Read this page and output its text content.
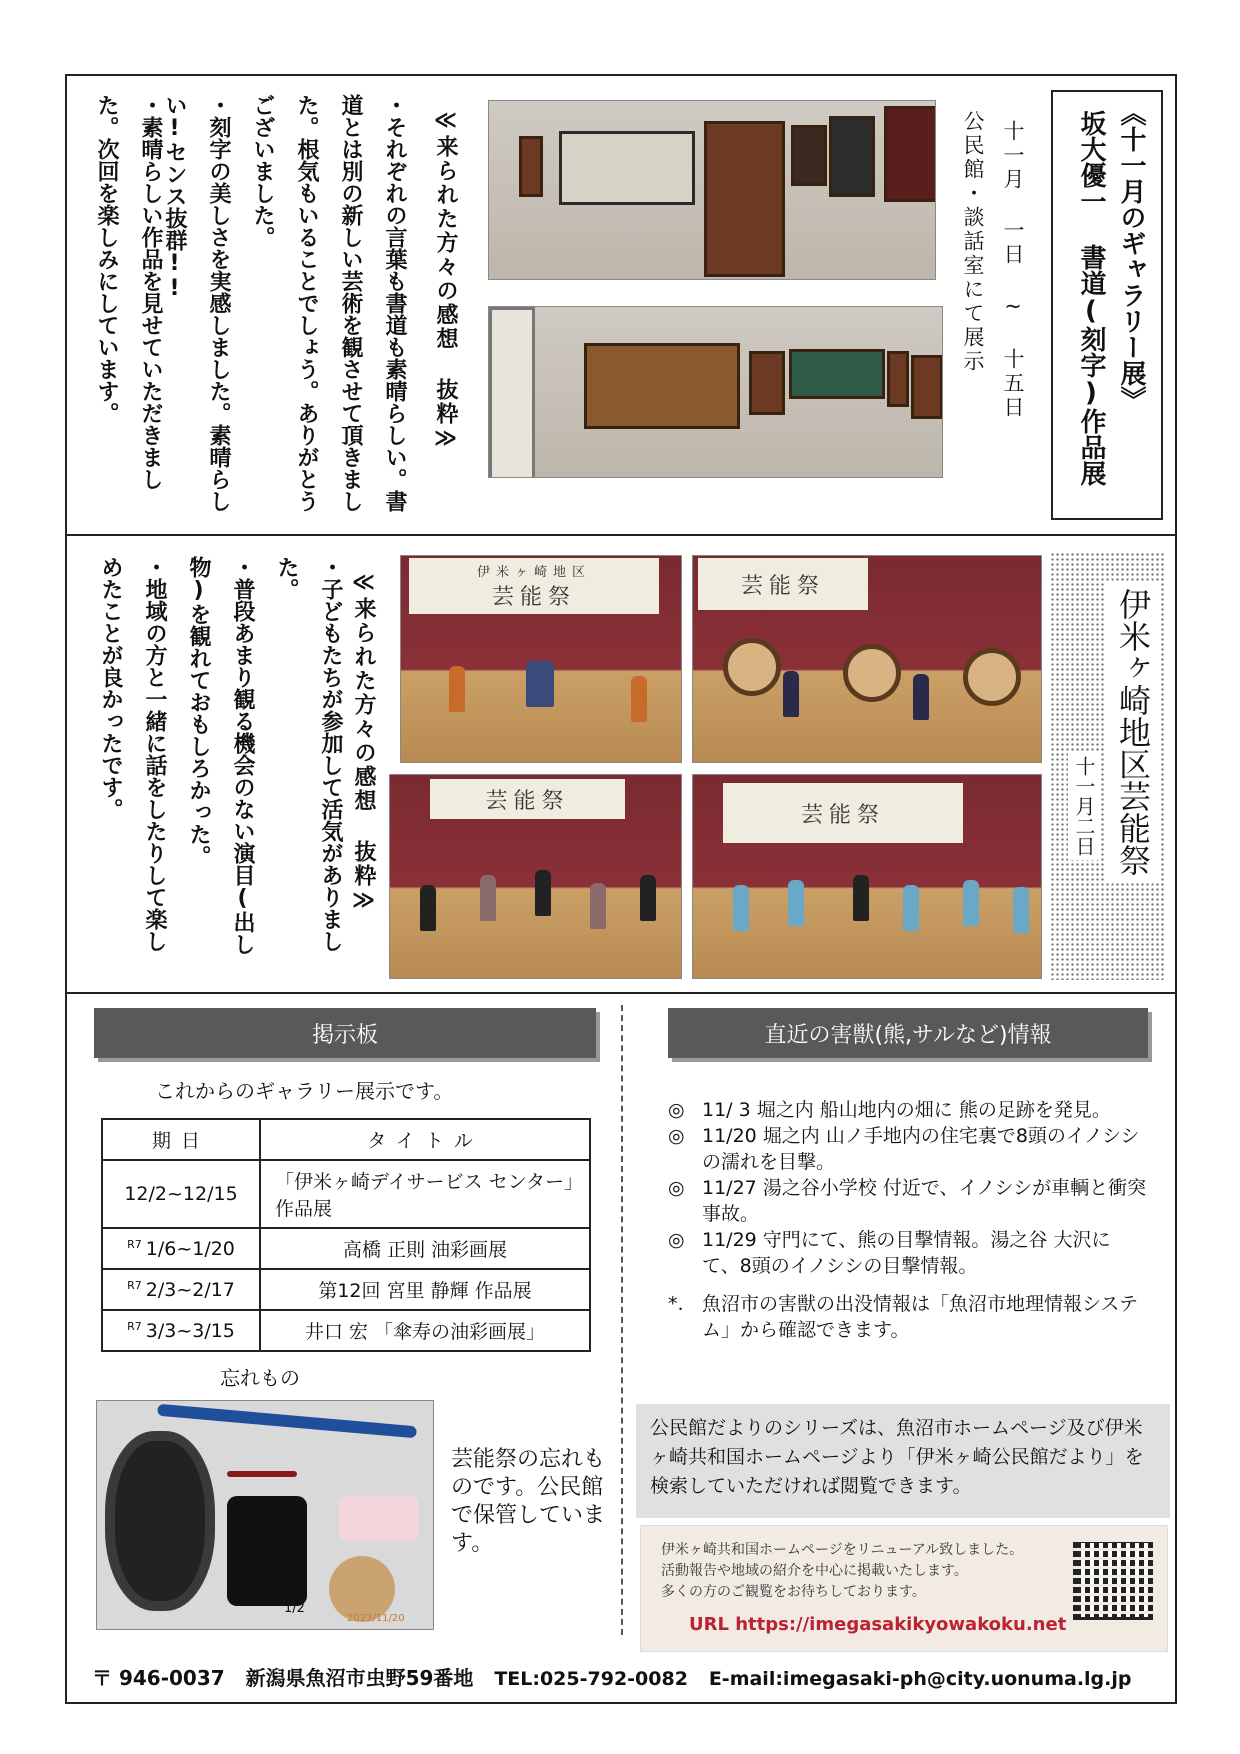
《十一月のギャラリー展》
坂大優一 書道(刻字)作品展
十一月 一日 ~ 十五日
公民館・談話室にて展示
≪来られた方々の感想 抜粋≫
・それぞれの言葉も書道も素晴らしい。書道とは別の新しい芸術を観させて頂きました。根気もいることでしょう。ありがとうございました。
・刻字の美しさを実感しました。素晴らしい!センス抜群!!
・素晴らしい作品を見せていただきました。次回を楽しみにしています。
伊米ヶ崎地区芸能祭
十一月二日
伊米ヶ崎地区
芸能祭	芸能祭
芸能祭
芸能祭
≪来られた方々の感想 抜粋≫
・子どもたちが参加して活気がありました。
・普段あまり観る機会のない演目(出し物)を観れておもしろかった。
・地域の方と一緒に話をしたりして楽しめたことが良かったです。
掲示板
これからのギャラリー展示です。
期日	タイトル
12/2~12/15	「伊米ヶ崎デイサービス センター」作品展
$^{R7}$ 1/6~1/20	高橋 正則 油彩画展
$^{R7}$ 2/3~2/17	第12回 宮里 静輝 作品展
$^{R7}$ 3/3~3/15	井口 宏 「傘寿の油彩画展」
忘れもの
1/2
2023/11/20
芸能祭の忘れものです。公民館で保管しています。
直近の害獣(熊,サルなど)情報
◎ 11/ 3 堀之内 船山地内の畑に 熊の足跡を発見。
◎ 11/20 堀之内 山ノ手地内の住宅裏で8頭のイノシシの濡れを目撃。
◎ 11/27 湯之谷小学校 付近で、イノシシが車輌と衝突事故。
◎ 11/29 守門にて、熊の目撃情報。湯之谷 大沢にて、8頭のイノシシの目撃情報。
*. 魚沼市の害獣の出没情報は「魚沼市地理情報システム」から確認できます。
公民館だよりのシリーズは、魚沼市ホームページ及び伊米ヶ崎共和国ホームページより「伊米ヶ崎公民館だより」を検索していただければ閲覧できます。
伊米ヶ崎共和国ホームページをリニューアル致しました。
活動報告や地域の紹介を中心に掲載いたします。
多くの方のご観覧をお待ちしております。
URL https://imegasakikyowakoku.net
〒 946-0037 新潟県魚沼市虫野59番地 TEL:025-792-0082 E-mail:imegasaki-ph@city.uonuma.lg.jp
